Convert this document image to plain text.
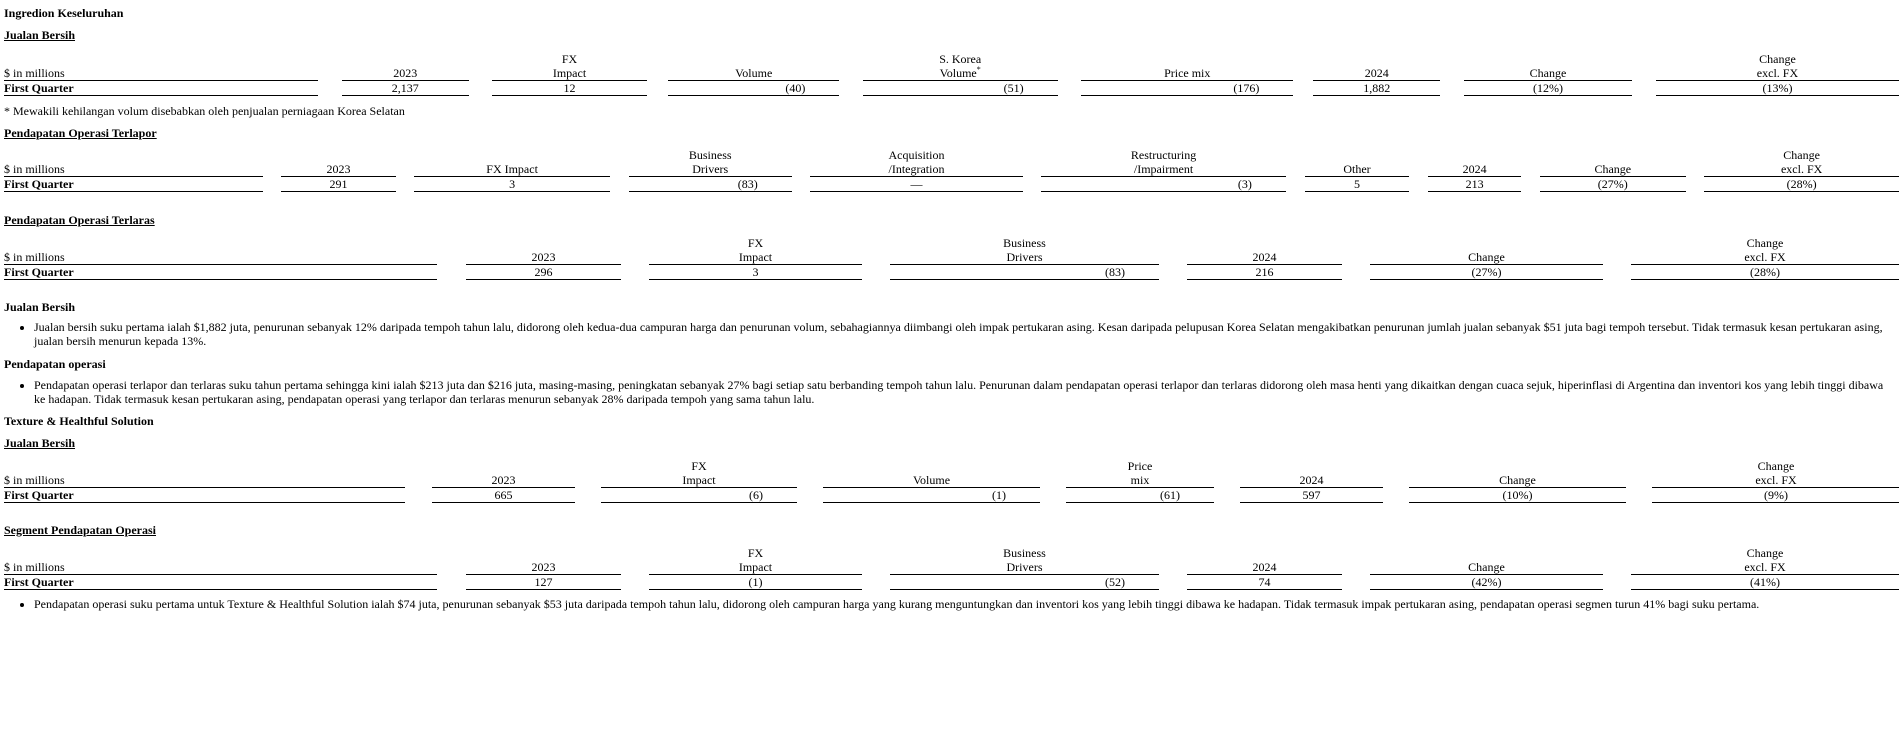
Ingredion Keseluruhan
Jualan Bersih
				FX				S. Korea								Change
$ in millions		2023		Impact		Volume		Volume*		Price mix		2024		Change		excl. FX
First Quarter		2,137		12		(40)		(51)		(176)		1,882		(12%)		(13%)
* Mewakili kehilangan volum disebabkan oleh penjualan perniagaan Korea Selatan
Pendapatan Operasi Terlapor
						Business		Acquisition		Restructuring								Change
$ in millions		2023		FX Impact		Drivers		/Integration		/Impairment		Other		2024		Change		excl. FX
First Quarter		291		3		(83)		—		(3)		5		213		(27%)		(28%)
Pendapatan Operasi Terlaras
				FX		Business						Change
$ in millions		2023		Impact		Drivers		2024		Change		excl. FX
First Quarter		296		3		(83)		216		(27%)		(28%)
Jualan Bersih
• Jualan bersih suku pertama ialah $1,882 juta, penurunan sebanyak 12% daripada tempoh tahun lalu, didorong oleh kedua-dua campuran harga dan penurunan volum, sebahagiannya diimbangi oleh impak pertukaran asing. Kesan daripada pelupusan Korea Selatan mengakibatkan penurunan jumlah jualan sebanyak $51 juta bagi tempoh tersebut. Tidak termasuk kesan pertukaran asing, jualan bersih menurun kepada 13%.
Pendapatan operasi
• Pendapatan operasi terlapor dan terlaras suku tahun pertama sehingga kini ialah $213 juta dan $216 juta, masing-masing, peningkatan sebanyak 27% bagi setiap satu berbanding tempoh tahun lalu. Penurunan dalam pendapatan operasi terlapor dan terlaras didorong oleh masa henti yang dikaitkan dengan cuaca sejuk, hiperinflasi di Argentina dan inventori kos yang lebih tinggi dibawa ke hadapan. Tidak termasuk kesan pertukaran asing, pendapatan operasi yang terlapor dan terlaras menurun sebanyak 28% daripada tempoh yang sama tahun lalu.
Texture & Healthful Solution
Jualan Bersih
				FX				Price						Change
$ in millions		2023		Impact		Volume		mix		2024		Change		excl. FX
First Quarter		665		(6)		(1)		(61)		597		(10%)		(9%)
Segment Pendapatan Operasi
				FX		Business						Change
$ in millions		2023		Impact		Drivers		2024		Change		excl. FX
First Quarter		127		(1)		(52)		74		(42%)		(41%)
• Pendapatan operasi suku pertama untuk Texture & Healthful Solution ialah $74 juta, penurunan sebanyak $53 juta daripada tempoh tahun lalu, didorong oleh campuran harga yang kurang menguntungkan dan inventori kos yang lebih tinggi dibawa ke hadapan. Tidak termasuk impak pertukaran asing, pendapatan operasi segmen turun 41% bagi suku pertama.
